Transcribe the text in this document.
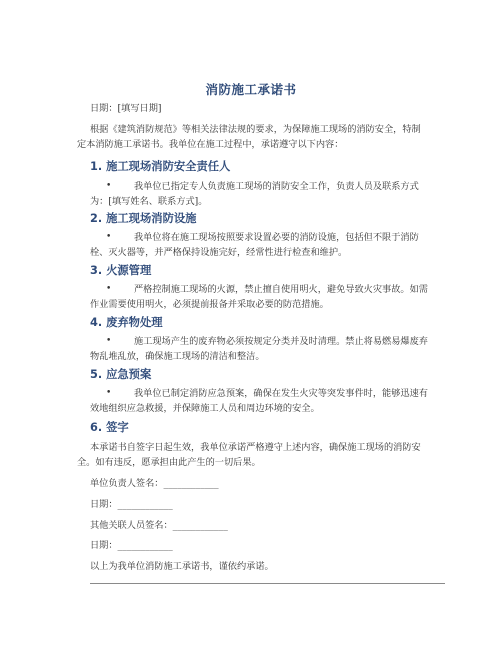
消防施工承诺书

日期：[填写日期]

根据《建筑消防规范》等相关法律法规的要求，为保障施工现场的消防安全，特制定本消防施工承诺书。我单位在施工过程中，承诺遵守以下内容：

1. 施工现场消防安全责任人
•	我单位已指定专人负责施工现场的消防安全工作，负责人员及联系方式为：[填写姓名、联系方式]。

2. 施工现场消防设施
•	我单位将在施工现场按照要求设置必要的消防设施，包括但不限于消防栓、灭火器等，并严格保持设施完好，经常性进行检查和维护。

3. 火源管理
•	严格控制施工现场的火源，禁止擅自使用明火，避免导致火灾事故。如需作业需要使用明火，必须提前报备并采取必要的防范措施。

4. 废弃物处理
•	施工现场产生的废弃物必须按规定分类并及时清理。禁止将易燃易爆废弃物乱堆乱放，确保施工现场的清洁和整洁。

5. 应急预案
•	我单位已制定消防应急预案，确保在发生火灾等突发事件时，能够迅速有效地组织应急救援，并保障施工人员和周边环境的安全。

6. 签字

本承诺书自签字日起生效，我单位承诺严格遵守上述内容，确保施工现场的消防安全。如有违反，愿承担由此产生的一切后果。

单位负责人签名：____________

日期：____________

其他关联人员签名：____________

日期：____________

以上为我单位消防施工承诺书，谨依约承诺。
